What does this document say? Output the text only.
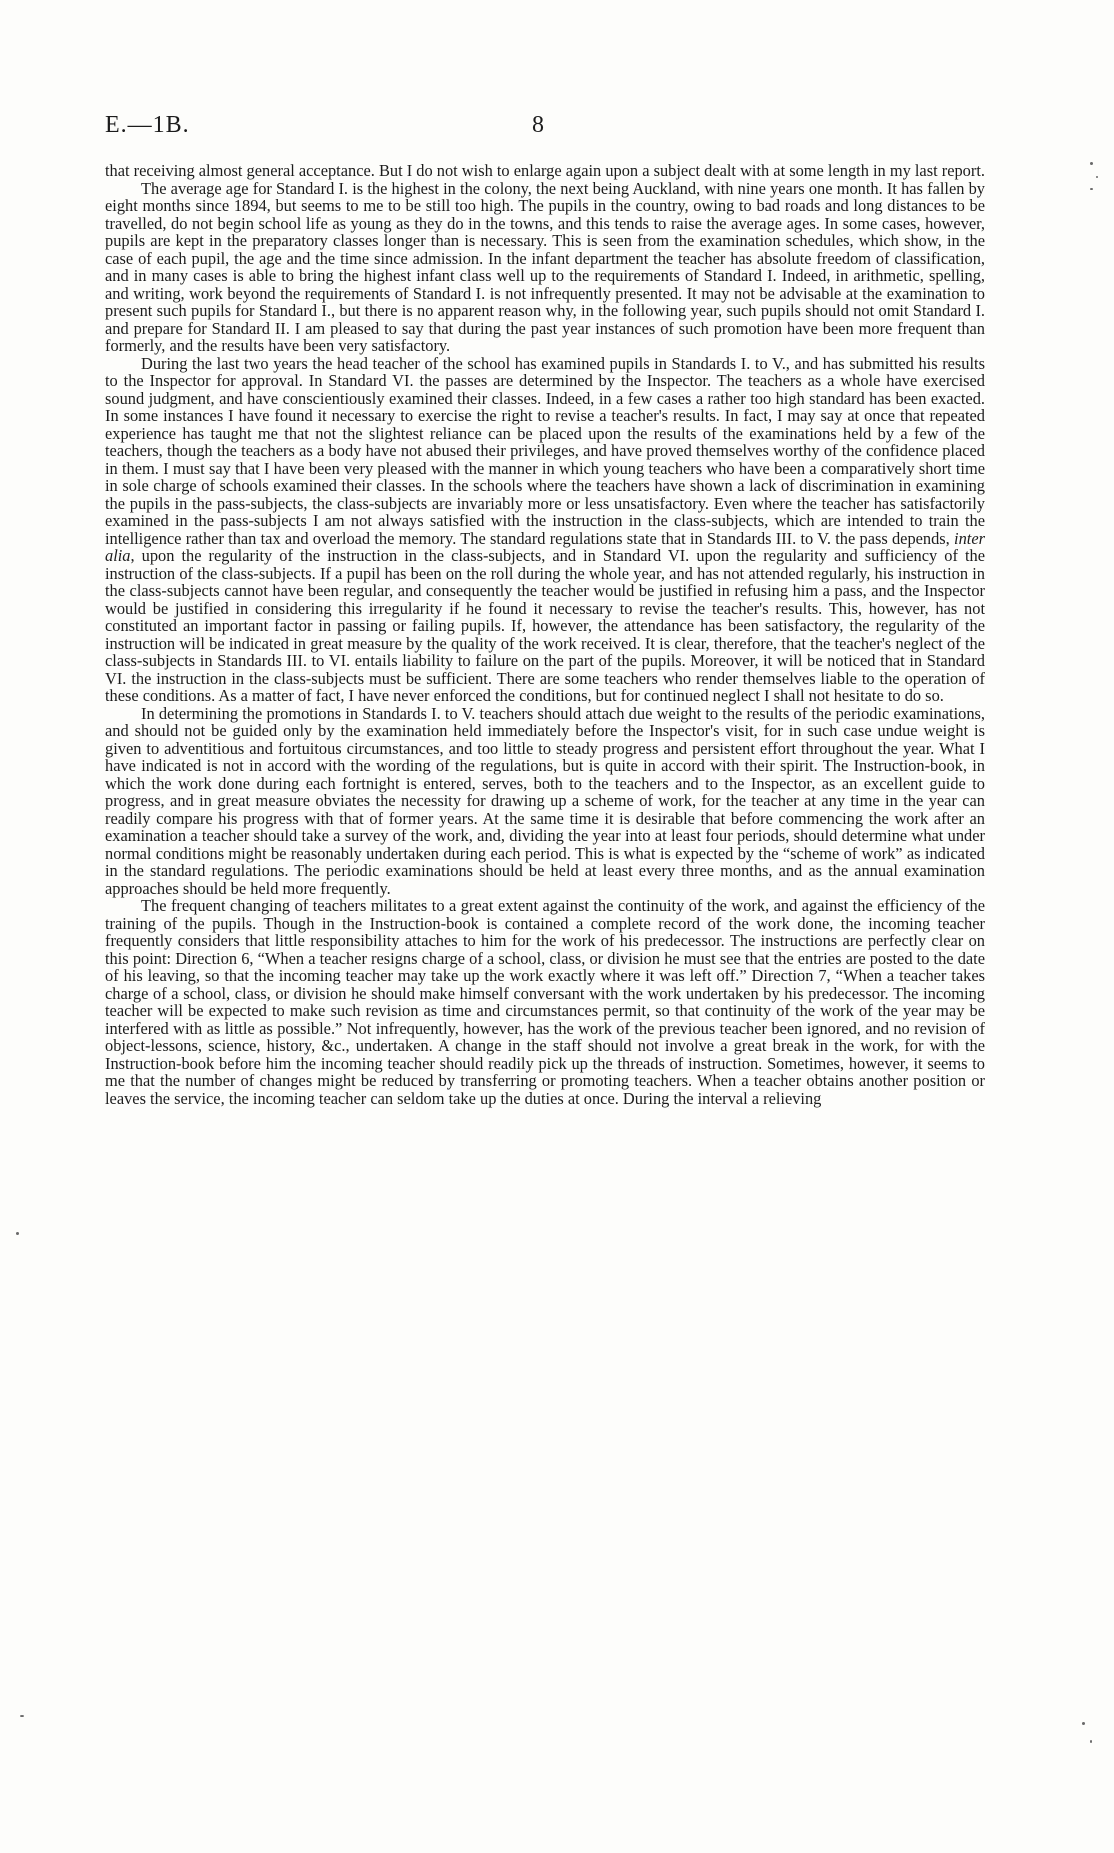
E.—1B.	8

that receiving almost general acceptance. But I do not wish to enlarge again upon a subject dealt with at some length in my last report.

The average age for Standard I. is the highest in the colony, the next being Auckland, with nine years one month. It has fallen by eight months since 1894, but seems to me to be still too high. The pupils in the country, owing to bad roads and long distances to be travelled, do not begin school life as young as they do in the towns, and this tends to raise the average ages. In some cases, however, pupils are kept in the preparatory classes longer than is necessary. This is seen from the examination schedules, which show, in the case of each pupil, the age and the time since admission. In the infant department the teacher has absolute freedom of classification, and in many cases is able to bring the highest infant class well up to the requirements of Standard I. Indeed, in arithmetic, spelling, and writing, work beyond the requirements of Standard I. is not infrequently presented. It may not be advisable at the examination to present such pupils for Standard I., but there is no apparent reason why, in the following year, such pupils should not omit Standard I. and prepare for Standard II. I am pleased to say that during the past year instances of such promotion have been more frequent than formerly, and the results have been very satisfactory.

During the last two years the head teacher of the school has examined pupils in Standards I. to V., and has submitted his results to the Inspector for approval. In Standard VI. the passes are determined by the Inspector. The teachers as a whole have exercised sound judgment, and have conscientiously examined their classes. Indeed, in a few cases a rather too high standard has been exacted. In some instances I have found it necessary to exercise the right to revise a teacher's results. In fact, I may say at once that repeated experience has taught me that not the slightest reliance can be placed upon the results of the examinations held by a few of the teachers, though the teachers as a body have not abused their privileges, and have proved themselves worthy of the confidence placed in them. I must say that I have been very pleased with the manner in which young teachers who have been a comparatively short time in sole charge of schools examined their classes. In the schools where the teachers have shown a lack of discrimination in examining the pupils in the pass-subjects, the class-subjects are invariably more or less unsatisfactory. Even where the teacher has satisfactorily examined in the pass-subjects I am not always satisfied with the instruction in the class-subjects, which are intended to train the intelligence rather than tax and overload the memory. The standard regulations state that in Standards III. to V. the pass depends, inter alia, upon the regularity of the instruction in the class-subjects, and in Standard VI. upon the regularity and sufficiency of the instruction of the class-subjects. If a pupil has been on the roll during the whole year, and has not attended regularly, his instruction in the class-subjects cannot have been regular, and consequently the teacher would be justified in refusing him a pass, and the Inspector would be justified in considering this irregularity if he found it necessary to revise the teacher's results. This, however, has not constituted an important factor in passing or failing pupils. If, however, the attendance has been satisfactory, the regularity of the instruction will be indicated in great measure by the quality of the work received. It is clear, therefore, that the teacher's neglect of the class-subjects in Standards III. to VI. entails liability to failure on the part of the pupils. Moreover, it will be noticed that in Standard VI. the instruction in the class-subjects must be sufficient. There are some teachers who render themselves liable to the operation of these conditions. As a matter of fact, I have never enforced the conditions, but for continued neglect I shall not hesitate to do so.

In determining the promotions in Standards I. to V. teachers should attach due weight to the results of the periodic examinations, and should not be guided only by the examination held immediately before the Inspector's visit, for in such case undue weight is given to adventitious and fortuitous circumstances, and too little to steady progress and persistent effort throughout the year. What I have indicated is not in accord with the wording of the regulations, but is quite in accord with their spirit. The Instruction-book, in which the work done during each fortnight is entered, serves, both to the teachers and to the Inspector, as an excellent guide to progress, and in great measure obviates the necessity for drawing up a scheme of work, for the teacher at any time in the year can readily compare his progress with that of former years. At the same time it is desirable that before commencing the work after an examination a teacher should take a survey of the work, and, dividing the year into at least four periods, should determine what under normal conditions might be reasonably undertaken during each period. This is what is expected by the “scheme of work” as indicated in the standard regulations. The periodic examinations should be held at least every three months, and as the annual examination approaches should be held more frequently.

The frequent changing of teachers militates to a great extent against the continuity of the work, and against the efficiency of the training of the pupils. Though in the Instruction-book is contained a complete record of the work done, the incoming teacher frequently considers that little responsibility attaches to him for the work of his predecessor. The instructions are perfectly clear on this point: Direction 6, “When a teacher resigns charge of a school, class, or division he must see that the entries are posted to the date of his leaving, so that the incoming teacher may take up the work exactly where it was left off.” Direction 7, “When a teacher takes charge of a school, class, or division he should make himself conversant with the work undertaken by his predecessor. The incoming teacher will be expected to make such revision as time and circumstances permit, so that continuity of the work of the year may be interfered with as little as possible.” Not infrequently, however, has the work of the previous teacher been ignored, and no revision of object-lessons, science, history, &c., undertaken. A change in the staff should not involve a great break in the work, for with the Instruction-book before him the incoming teacher should readily pick up the threads of instruction. Sometimes, however, it seems to me that the number of changes might be reduced by transferring or promoting teachers. When a teacher obtains another position or leaves the service, the incoming teacher can seldom take up the duties at once. During the interval a relieving
